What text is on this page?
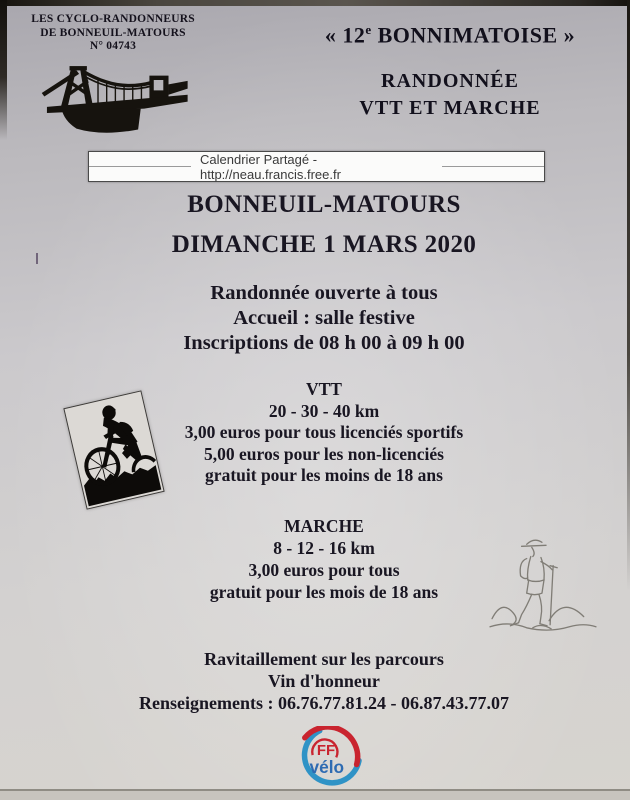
LES CYCLO-RANDONNEURS
DE BONNEUIL-MATOURS
N° 04743	« 12e BONNIMATOISE »
RANDONNÉE
VTT ET MARCHE
Calendrier Partagé - http://neau.francis.free.fr
BONNEUIL-MATOURS
DIMANCHE 1 MARS 2020
Randonnée ouverte à tous
Accueil : salle festive
Inscriptions de 08 h 00 à 09 h 00
VTT
20 - 30 - 40 km
3,00 euros pour tous licenciés sportifs
5,00 euros pour les non-licenciés
gratuit pour les moins de 18 ans
MARCHE
8 - 12 - 16 km
3,00 euros pour tous
gratuit pour les mois de 18 ans
Ravitaillement sur les parcours
Vin d'honneur
Renseignements : 06.76.77.81.24 - 06.87.43.77.07
FF
vélo
